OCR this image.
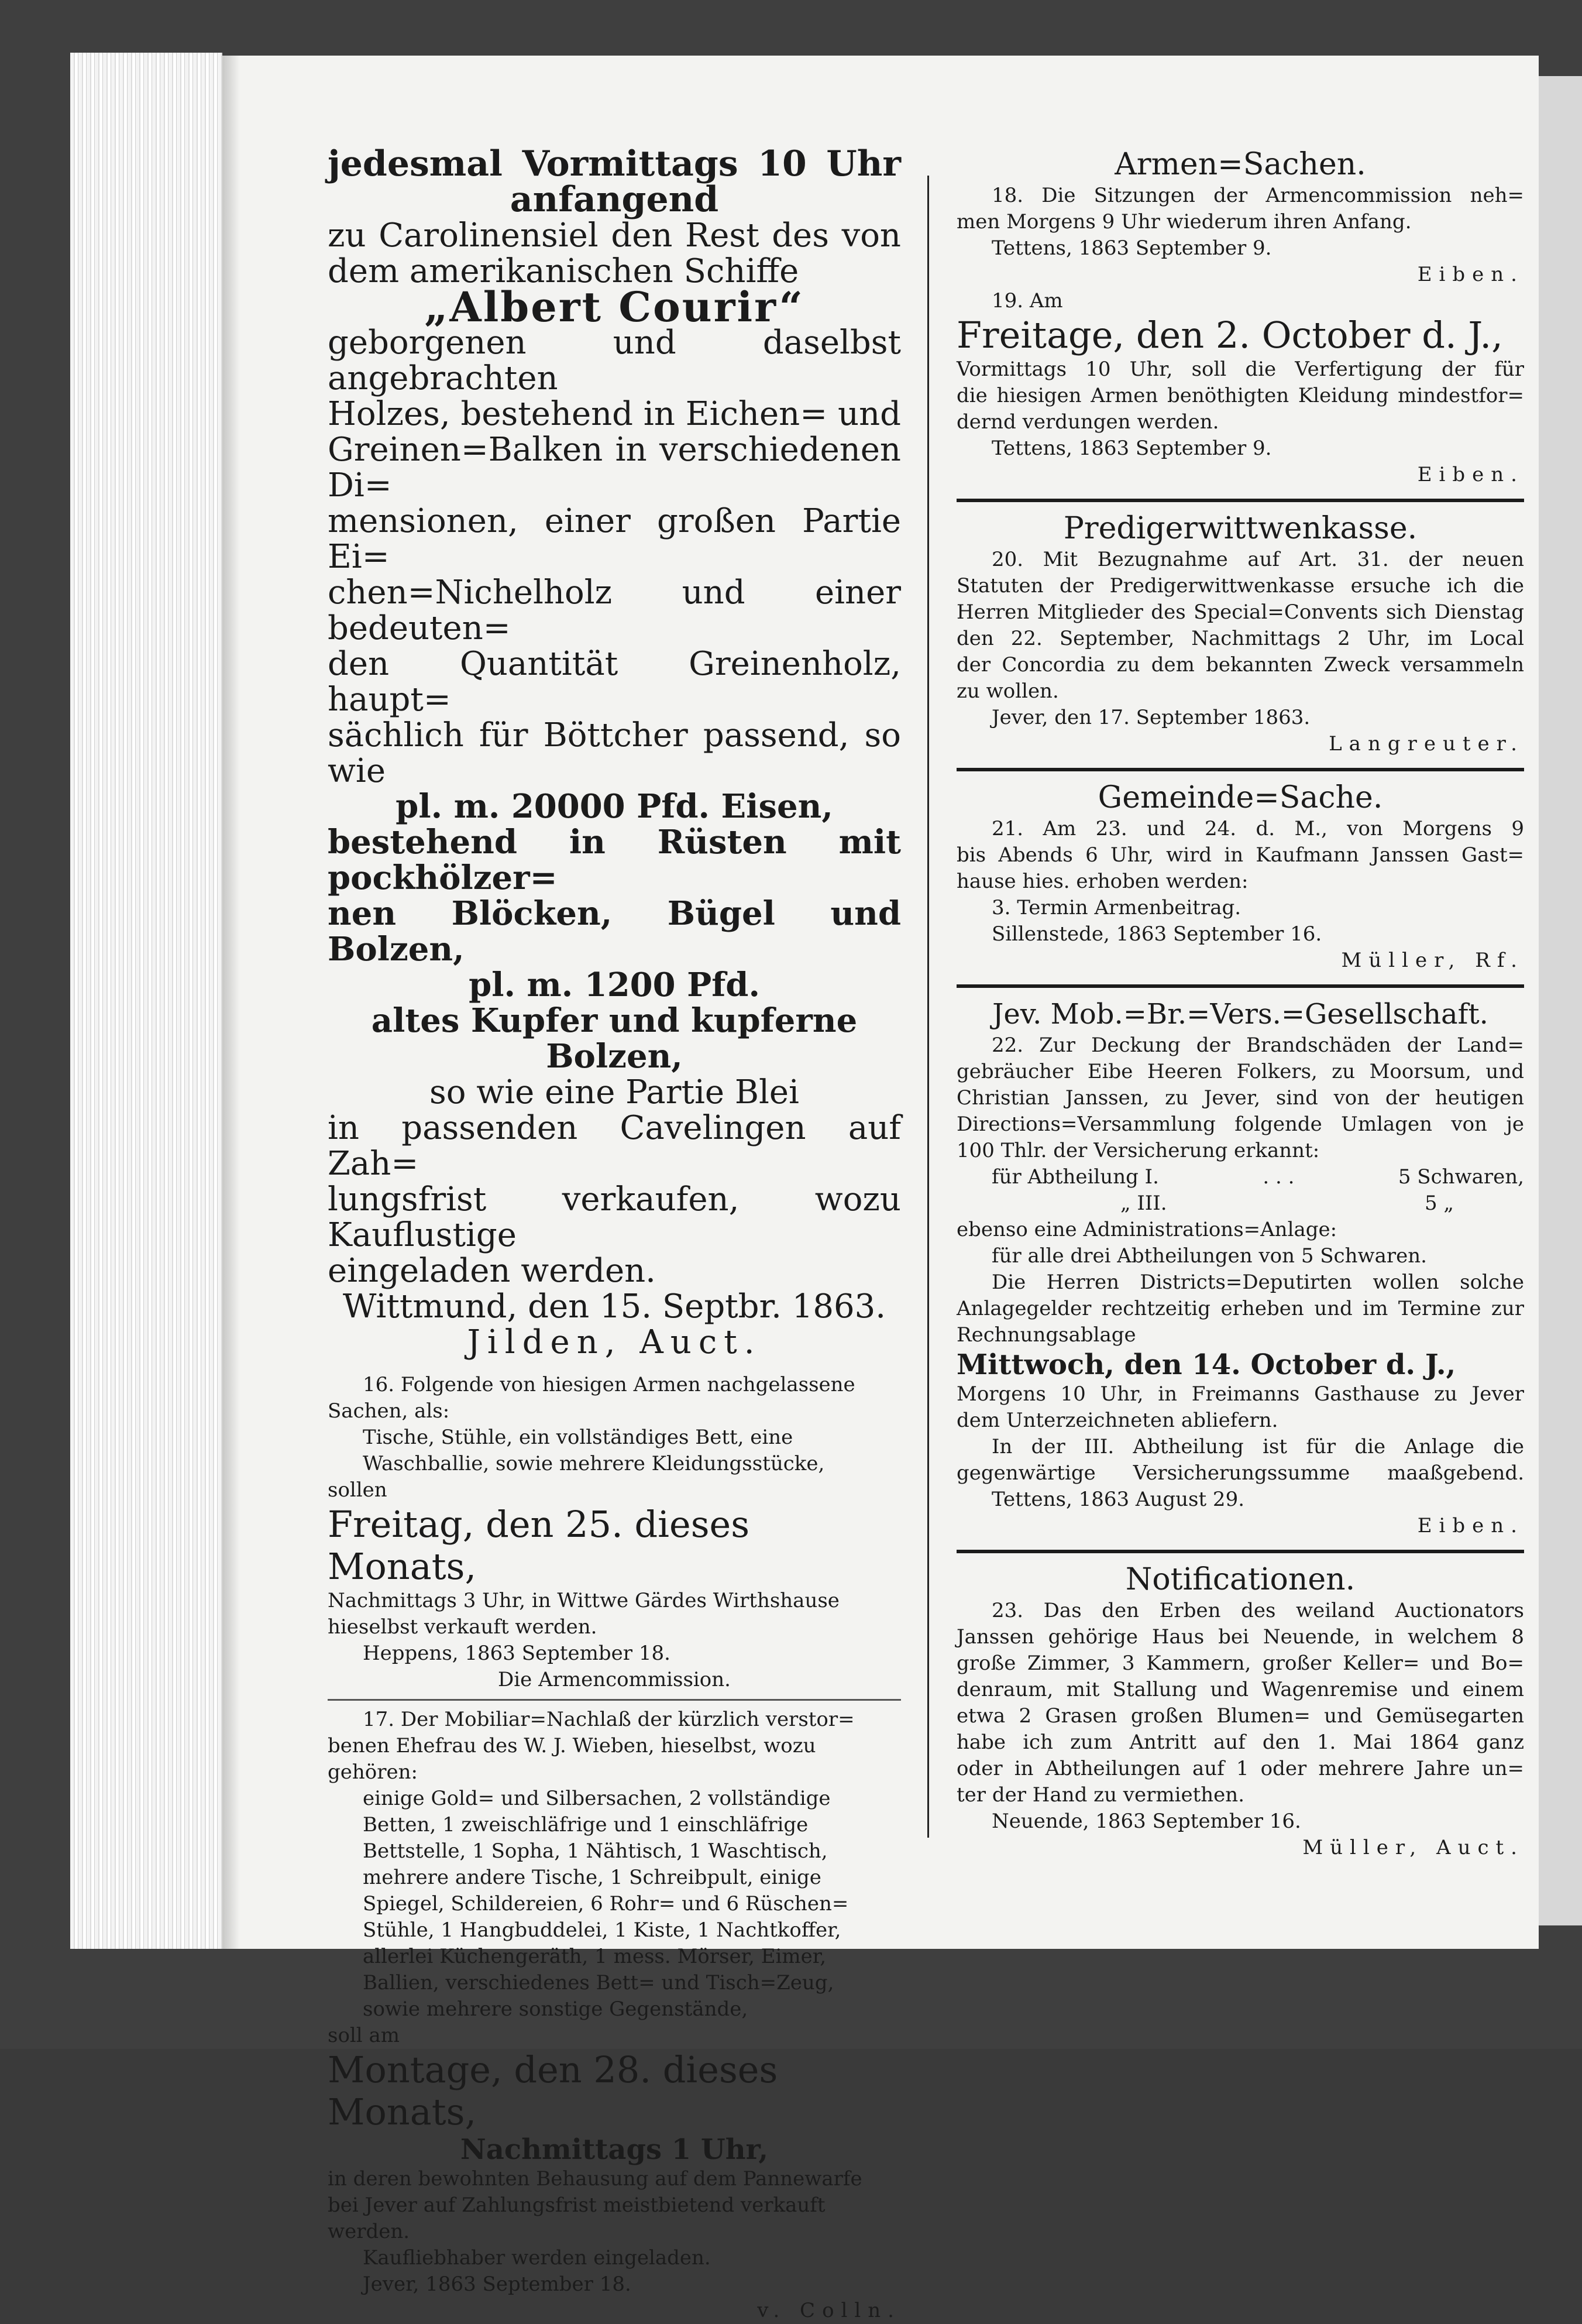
jedesmal Vormittags 10 Uhr

anfangend

zu Carolinensiel den Rest des von

dem amerikanischen Schiffe

„Albert Courir“

geborgenen und daselbst angebrachten

Holzes, bestehend in Eichen= und

Greinen=Balken in verschiedenen Di=

mensionen, einer großen Partie Ei=

chen=Nichelholz und einer bedeuten=

den Quantität Greinenholz, haupt=

sächlich für Böttcher passend, so wie

pl. m. 20000 Pfd. Eisen,

bestehend in Rüsten mit pockhölzer=

nen Blöcken, Bügel und Bolzen,

pl. m. 1200 Pfd.

altes Kupfer und kupferne

Bolzen,

so wie eine Partie Blei

in passenden Cavelingen auf Zah=

lungsfrist verkaufen, wozu Kauflustige

eingeladen werden.

Wittmund, den 15. Septbr. 1863.

Jilden, Auct.

16. Folgende von hiesigen Armen nachgelassene

Sachen, als:

Tische, Stühle, ein vollständiges Bett, eine

Waschballie, sowie mehrere Kleidungsstücke,

sollen

Freitag, den 25. dieses Monats,

Nachmittags 3 Uhr, in Wittwe Gärdes Wirthshause

hieselbst verkauft werden.

Heppens, 1863 September 18.

Die Armencommission.

17. Der Mobiliar=Nachlaß der kürzlich verstor=

benen Ehefrau des W. J. Wieben, hieselbst, wozu

gehören:

einige Gold= und Silbersachen, 2 vollständige

Betten, 1 zweischläfrige und 1 einschläfrige

Bettstelle, 1 Sopha, 1 Nähtisch, 1 Waschtisch,

mehrere andere Tische, 1 Schreibpult, einige

Spiegel, Schildereien, 6 Rohr= und 6 Rüschen=

Stühle, 1 Hangbuddelei, 1 Kiste, 1 Nachtkoffer,

allerlei Küchengeräth, 1 mess. Mörser, Eimer,

Ballien, verschiedenes Bett= und Tisch=Zeug,

sowie mehrere sonstige Gegenstände,

soll am

Montage, den 28. dieses Monats,

Nachmittags 1 Uhr,

in deren bewohnten Behausung auf dem Pannewarfe

bei Jever auf Zahlungsfrist meistbietend verkauft

werden.

Kaufliebhaber werden eingeladen.

Jever, 1863 September 18.

v. Colln.

Armen=Sachen.

18. Die Sitzungen der Armencommission neh=

men Morgens 9 Uhr wiederum ihren Anfang.

Tettens, 1863 September 9.

Eiben.

19. Am

Freitage, den 2. October d. J.,

Vormittags 10 Uhr, soll die Verfertigung der für

die hiesigen Armen benöthigten Kleidung mindestfor=

dernd verdungen werden.

Tettens, 1863 September 9.

Eiben.

Predigerwittwenkasse.

20. Mit Bezugnahme auf Art. 31. der neuen

Statuten der Predigerwittwenkasse ersuche ich die

Herren Mitglieder des Special=Convents sich Dienstag

den 22. September, Nachmittags 2 Uhr, im Local

der Concordia zu dem bekannten Zweck versammeln

zu wollen.

Jever, den 17. September 1863.

Langreuter.

Gemeinde=Sache.

21. Am 23. und 24. d. M., von Morgens 9

bis Abends 6 Uhr, wird in Kaufmann Janssen Gast=

hause hies. erhoben werden:

3. Termin Armenbeitrag.

Sillenstede, 1863 September 16.

Müller, Rf.

Jev. Mob.=Br.=Vers.=Gesellschaft.

22. Zur Deckung der Brandschäden der Land=

gebräucher Eibe Heeren Folkers, zu Moorsum, und

Christian Janssen, zu Jever, sind von der heutigen

Directions=Versammlung folgende Umlagen von je

100 Thlr. der Versicherung erkannt:

für Abtheilung I.	. . .	5 Schwaren,
„ III.	5 „

ebenso eine Administrations=Anlage:

für alle drei Abtheilungen von 5 Schwaren.

Die Herren Districts=Deputirten wollen solche

Anlagegelder rechtzeitig erheben und im Termine zur

Rechnungsablage

Mittwoch, den 14. October d. J.,

Morgens 10 Uhr, in Freimanns Gasthause zu Jever

dem Unterzeichneten abliefern.

In der III. Abtheilung ist für die Anlage die

gegenwärtige Versicherungssumme maaßgebend.

Tettens, 1863 August 29.

Eiben.

Notificationen.

23. Das den Erben des weiland Auctionators

Janssen gehörige Haus bei Neuende, in welchem 8

große Zimmer, 3 Kammern, großer Keller= und Bo=

denraum, mit Stallung und Wagenremise und einem

etwa 2 Grasen großen Blumen= und Gemüsegarten

habe ich zum Antritt auf den 1. Mai 1864 ganz

oder in Abtheilungen auf 1 oder mehrere Jahre un=

ter der Hand zu vermiethen.

Neuende, 1863 September 16.

Müller, Auct.
